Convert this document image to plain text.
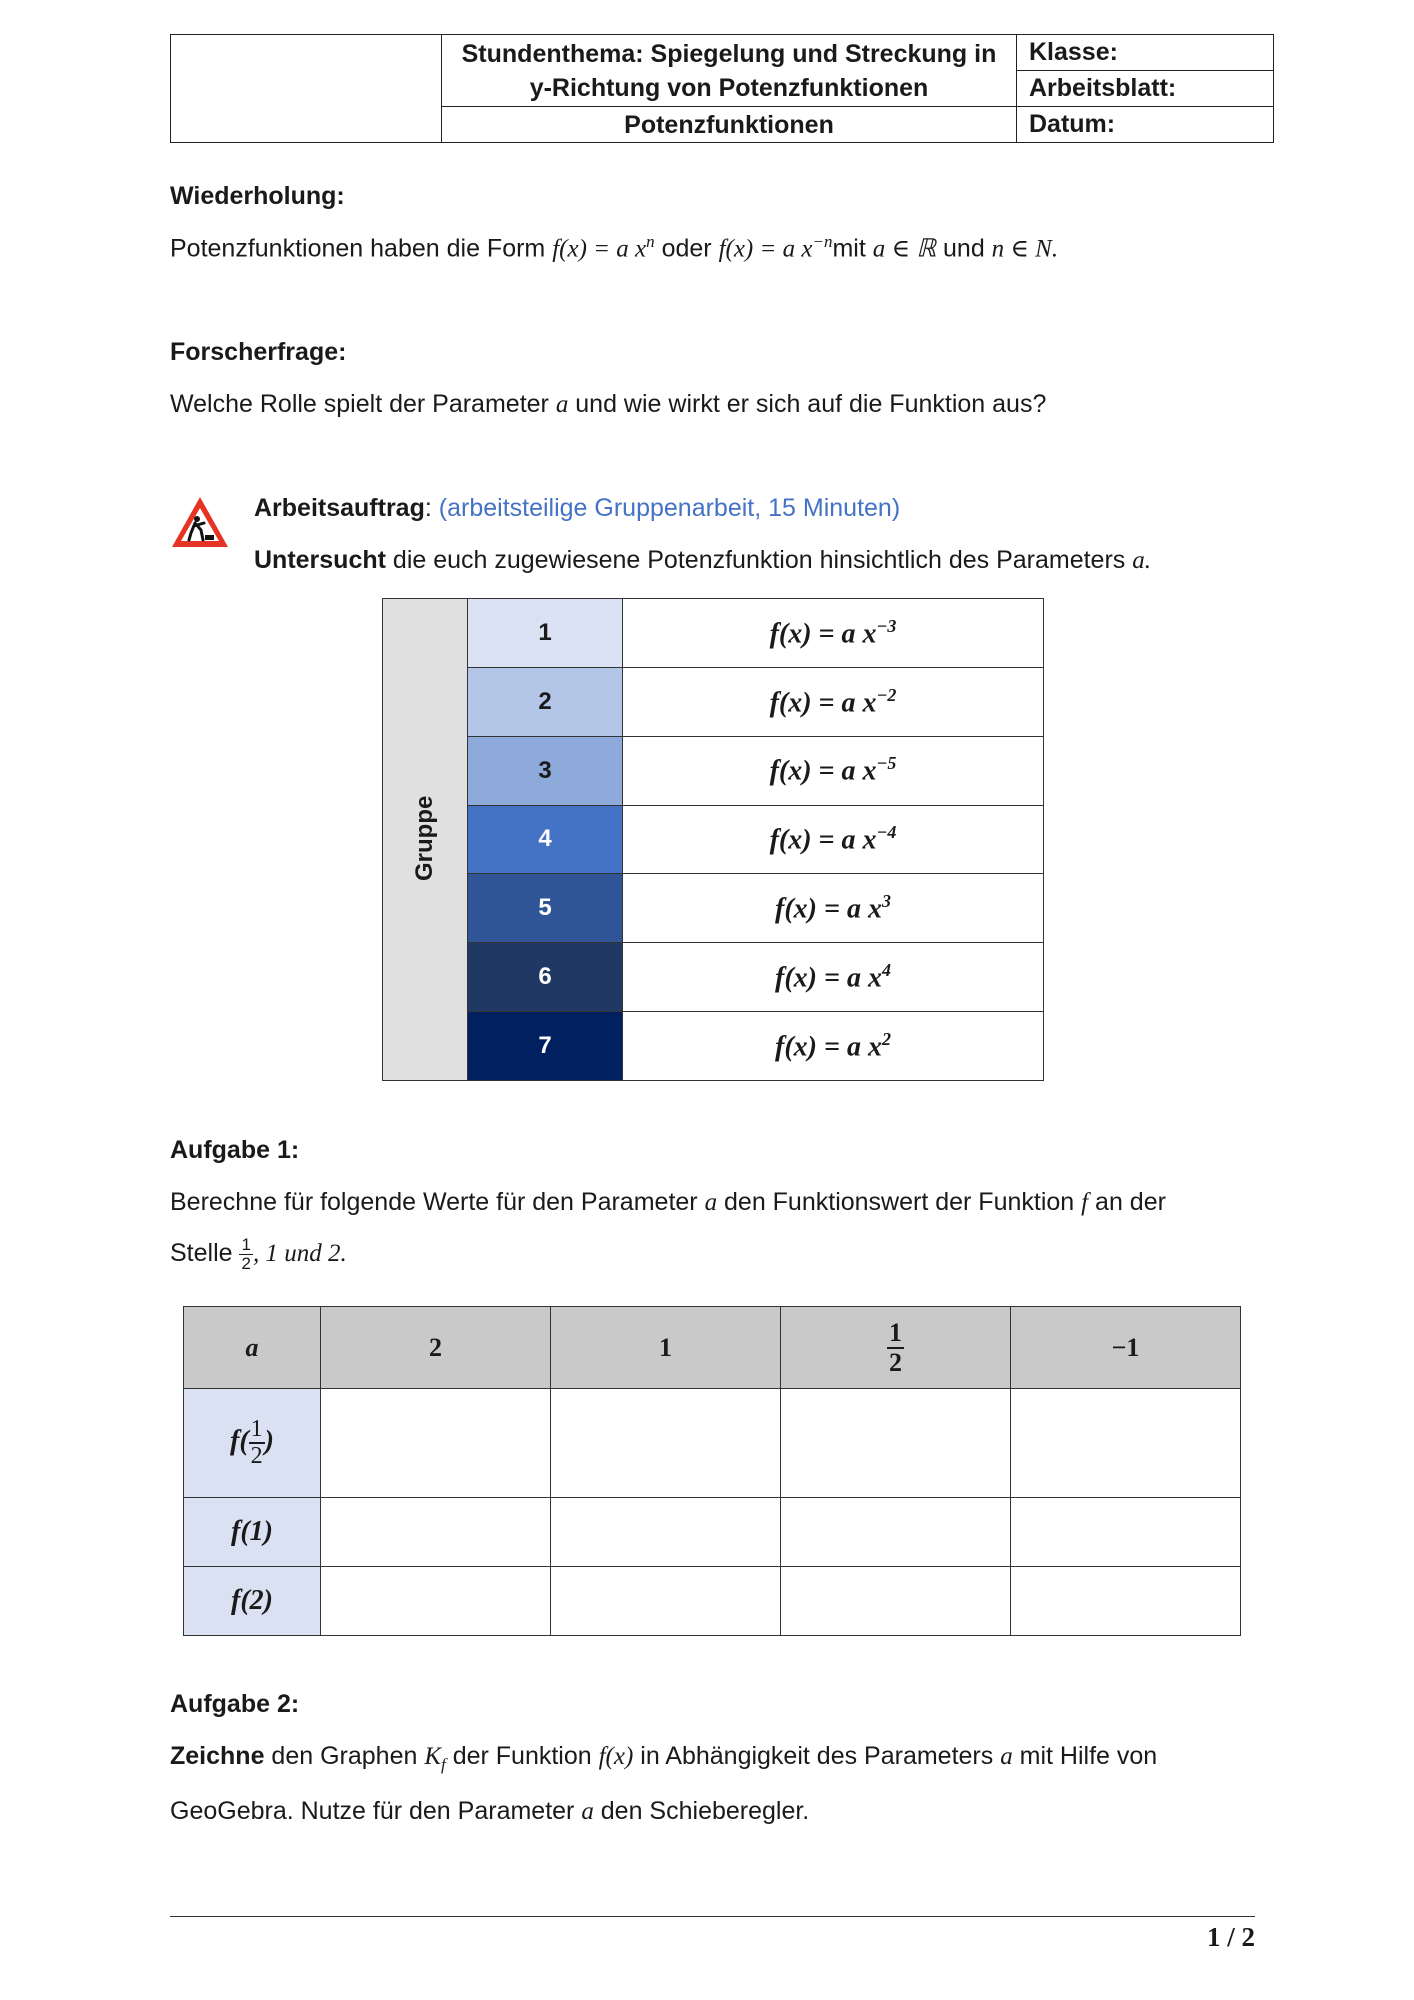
	Stundenthema: Spiegelung und Streckung in
y-Richtung von Potenzfunktionen	Klasse:
		Arbeitsblatt:
	Potenzfunktionen	Datum:
Wiederholung:
Potenzfunktionen haben die Form f(x) = a $x^n$ oder f(x) = a $x^{-n}mit$ a ∈ ℝ und n ∈ N.
Forscherfrage:
Welche Rolle spielt der Parameter a und wie wirkt er sich auf die Funktion aus?
Arbeitsauftrag: (arbeitsteilige Gruppenarbeit, 15 Minuten)
Untersucht die euch zugewiesene Potenzfunktion hinsichtlich des Parameters a.
Gruppe	1	f(x) = a $x^{-3}$
	2	f(x) = a $x^{-2}$
	3	f(x) = a $x^{-5}$
	4	f(x) = a $x^{-4}$
	5	f(x) = a $x^3$
	6	f(x) = a $x^4$
	7	f(x) = a $x^2$
Aufgabe 1:
Berechne für folgende Werte für den Parameter a den Funktionswert der Funktion f an der
Stelle $\frac{1}{2}$ , 1 und 2.
a	2	1	$\frac{1}{2}$	−1
$f( \frac{1}{2}$ )				
f(1)				
f(2)				
Aufgabe 2:
Zeichne den Graphen $K_f$ der Funktion f(x) in Abhängigkeit des Parameters a mit Hilfe von
GeoGebra. Nutze für den Parameter a den Schieberegler.
1 / 2
